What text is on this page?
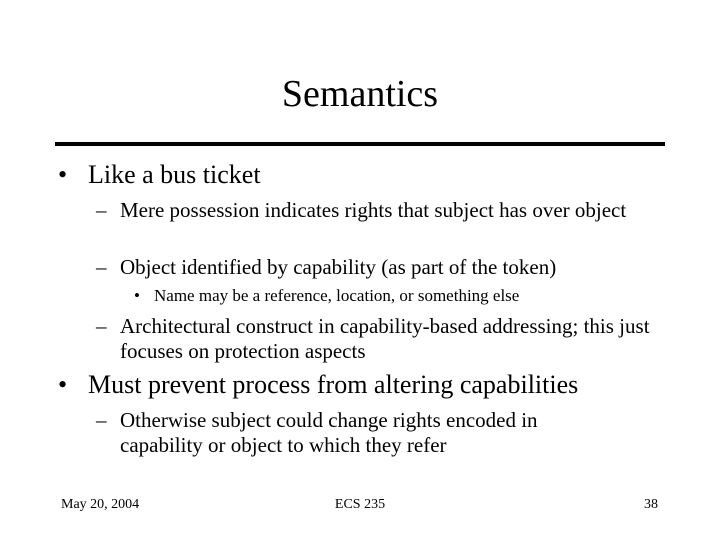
Semantics
• Like a bus ticket
– Mere possession indicates rights that subject has over object
– Object identified by capability (as part of the token)
• Name may be a reference, location, or something else
– Architectural construct in capability-based addressing; this just focuses on protection aspects
• Must prevent process from altering capabilities
– Otherwise subject could change rights encoded in capability or object to which they refer
May 20, 2004	ECS 235	38
